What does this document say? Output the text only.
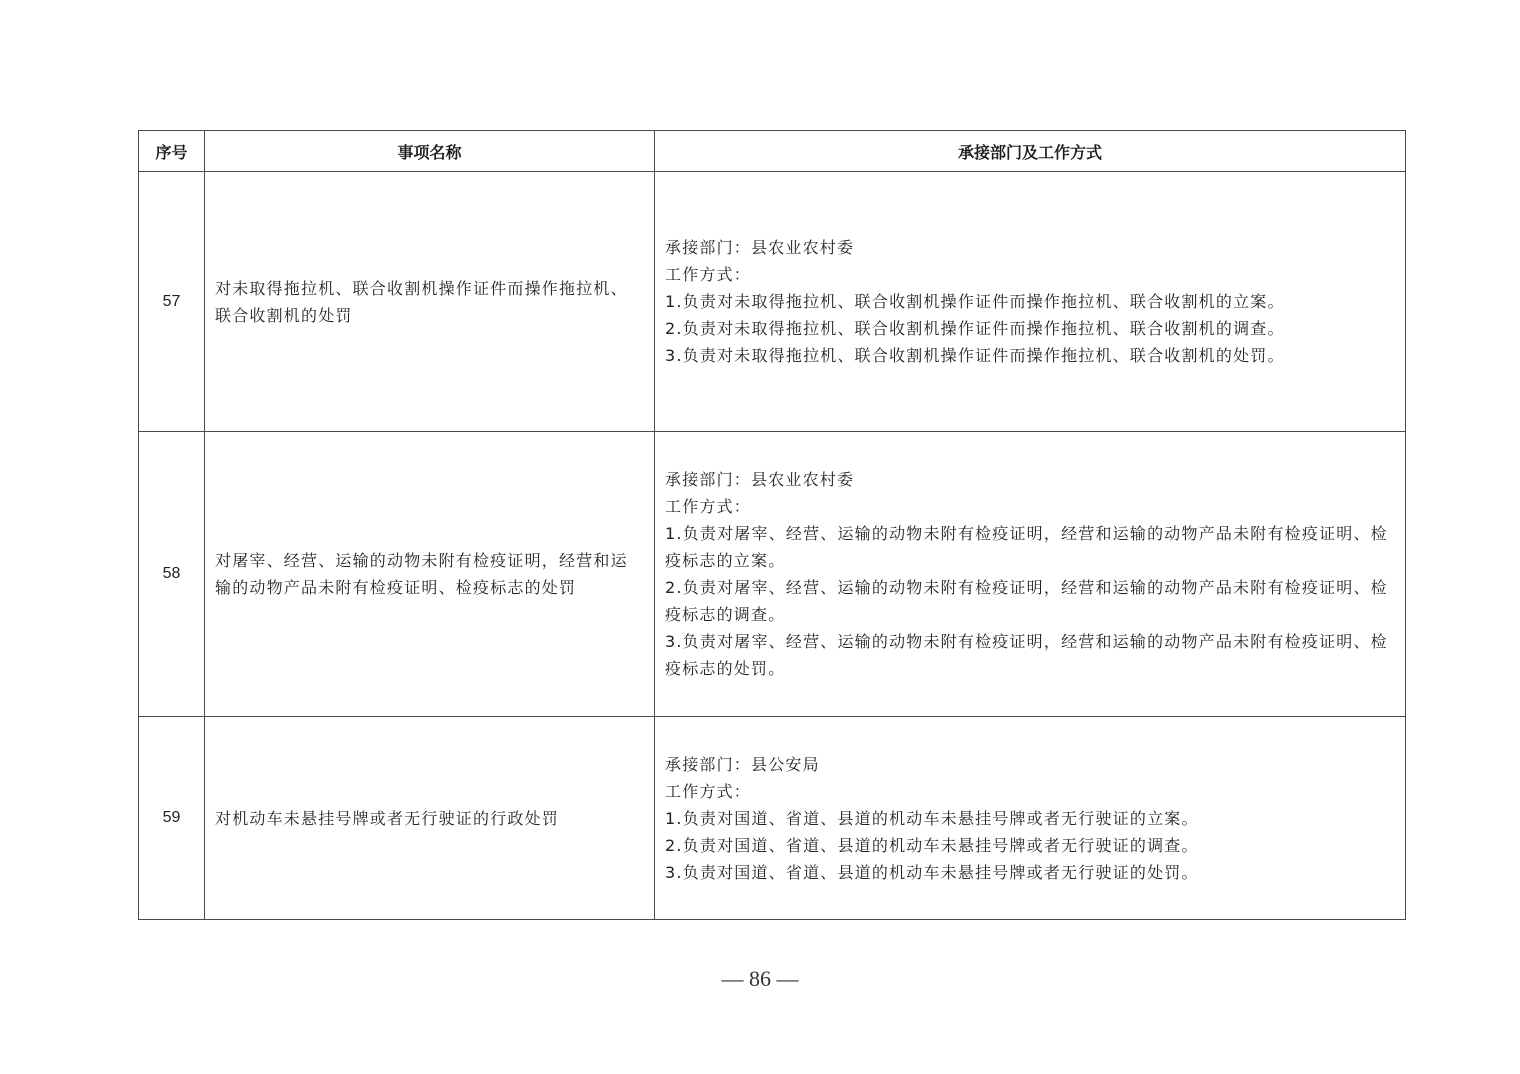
序号	事项名称	承接部门及工作方式
57	对未取得拖拉机、联合收割机操作证件而操作拖拉机、联合收割机的处罚	承接部门：县农业农村委
工作方式：
1.负责对未取得拖拉机、联合收割机操作证件而操作拖拉机、联合收割机的立案。
2.负责对未取得拖拉机、联合收割机操作证件而操作拖拉机、联合收割机的调查。
3.负责对未取得拖拉机、联合收割机操作证件而操作拖拉机、联合收割机的处罚。

58	对屠宰、经营、运输的动物未附有检疫证明，经营和运输的动物产品未附有检疫证明、检疫标志的处罚	承接部门：县农业农村委
工作方式：
1.负责对屠宰、经营、运输的动物未附有检疫证明，经营和运输的动物产品未附有检疫证明、检疫标志的立案。
2.负责对屠宰、经营、运输的动物未附有检疫证明，经营和运输的动物产品未附有检疫证明、检疫标志的调查。
3.负责对屠宰、经营、运输的动物未附有检疫证明，经营和运输的动物产品未附有检疫证明、检疫标志的处罚。

59	对机动车未悬挂号牌或者无行驶证的行政处罚	承接部门：县公安局
工作方式：
1.负责对国道、省道、县道的机动车未悬挂号牌或者无行驶证的立案。
2.负责对国道、省道、县道的机动车未悬挂号牌或者无行驶证的调查。
3.负责对国道、省道、县道的机动车未悬挂号牌或者无行驶证的处罚。
— 86 —
